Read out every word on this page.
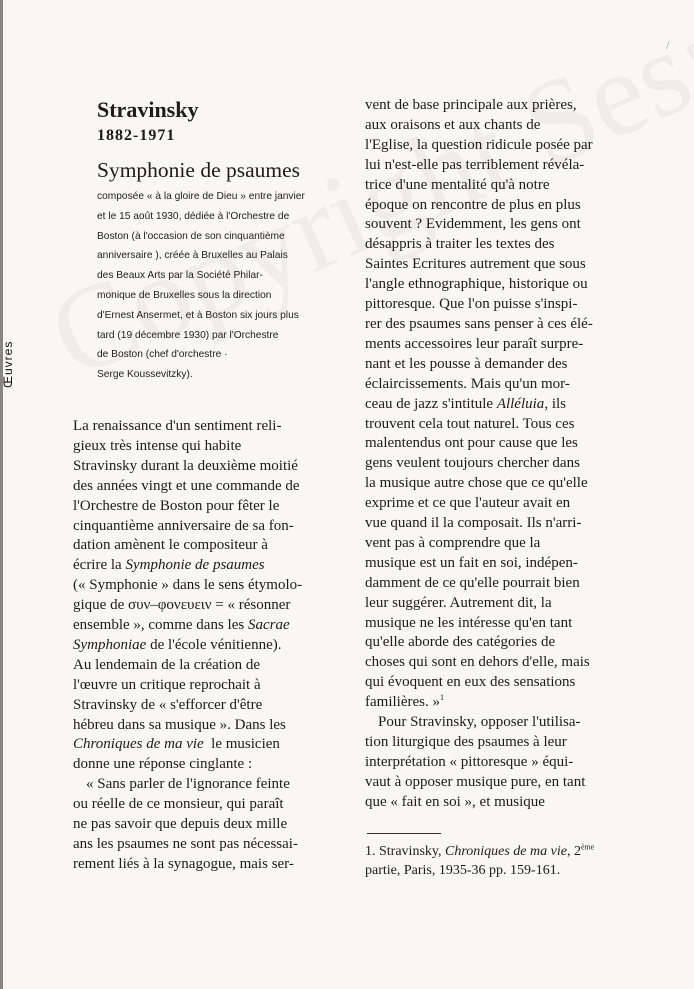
Œuvres
/
Stravinsky
1882-1971
Symphonie de psaumes
composée « à la gloire de Dieu » entre janvier
et le 15 août 1930, dédiée à l'Orchestre de
Boston (à l'occasion de son cinquantième
anniversaire ), créée à Bruxelles au Palais
des Beaux Arts par la Société Philar-
monique de Bruxelles sous la direction
d'Ernest Ansermet, et à Boston six jours plus
tard (19 décembre 1930) par l'Orchestre
de Boston (chef d'orchestre ·
Serge Koussevitzky).
La renaissance d'un sentiment reli-
gieux très intense qui habite
Stravinsky durant la deuxième moitié
des années vingt et une commande de
l'Orchestre de Boston pour fêter le
cinquantième anniversaire de sa fon-
dation amènent le compositeur à
écrire la Symphonie de psaumes
(« Symphonie » dans le sens étymolo-
gique de συν–φονευειν = « résonner
ensemble », comme dans les Sacrae
Symphoniae de l'école vénitienne).
Au lendemain de la création de
l'œuvre un critique reprochait à
Stravinsky de « s'efforcer d'être
hébreu dans sa musique ». Dans les
Chroniques de ma vie  le musicien
donne une réponse cinglante :
« Sans parler de l'ignorance feinte
ou réelle de ce monsieur, qui paraît
ne pas savoir que depuis deux mille
ans les psaumes ne sont pas nécessai-
rement liés à la synagogue, mais ser-
vent de base principale aux prières,
aux oraisons et aux chants de
l'Eglise, la question ridicule posée par
lui n'est-elle pas terriblement révéla-
trice d'une mentalité qu'à notre
époque on rencontre de plus en plus
souvent ? Evidemment, les gens ont
désappris à traiter les textes des
Saintes Ecritures autrement que sous
l'angle ethnographique, historique ou
pittoresque. Que l'on puisse s'inspi-
rer des psaumes sans penser à ces élé-
ments accessoires leur paraît surpre-
nant et les pousse à demander des
éclaircissements. Mais qu'un mor-
ceau de jazz s'intitule Alléluia, ils
trouvent cela tout naturel. Tous ces
malentendus ont pour cause que les
gens veulent toujours chercher dans
la musique autre chose que ce qu'elle
exprime et ce que l'auteur avait en
vue quand il la composait. Ils n'arri-
vent pas à comprendre que la
musique est un fait en soi, indépen-
damment de ce qu'elle pourrait bien
leur suggérer. Autrement dit, la
musique ne les intéresse qu'en tant
qu'elle aborde des catégories de
choses qui sont en dehors d'elle, mais
qui évoquent en eux des sensations
familières. »$^1$
Pour Stravinsky, opposer l'utilisa-
tion liturgique des psaumes à leur
interprétation « pittoresque » équi-
vaut à opposer musique pure, en tant
que « fait en soi », et musique
1. Stravinsky, Chroniques de ma vie, 2ème
partie, Paris, 1935-36 pp. 159-161.
